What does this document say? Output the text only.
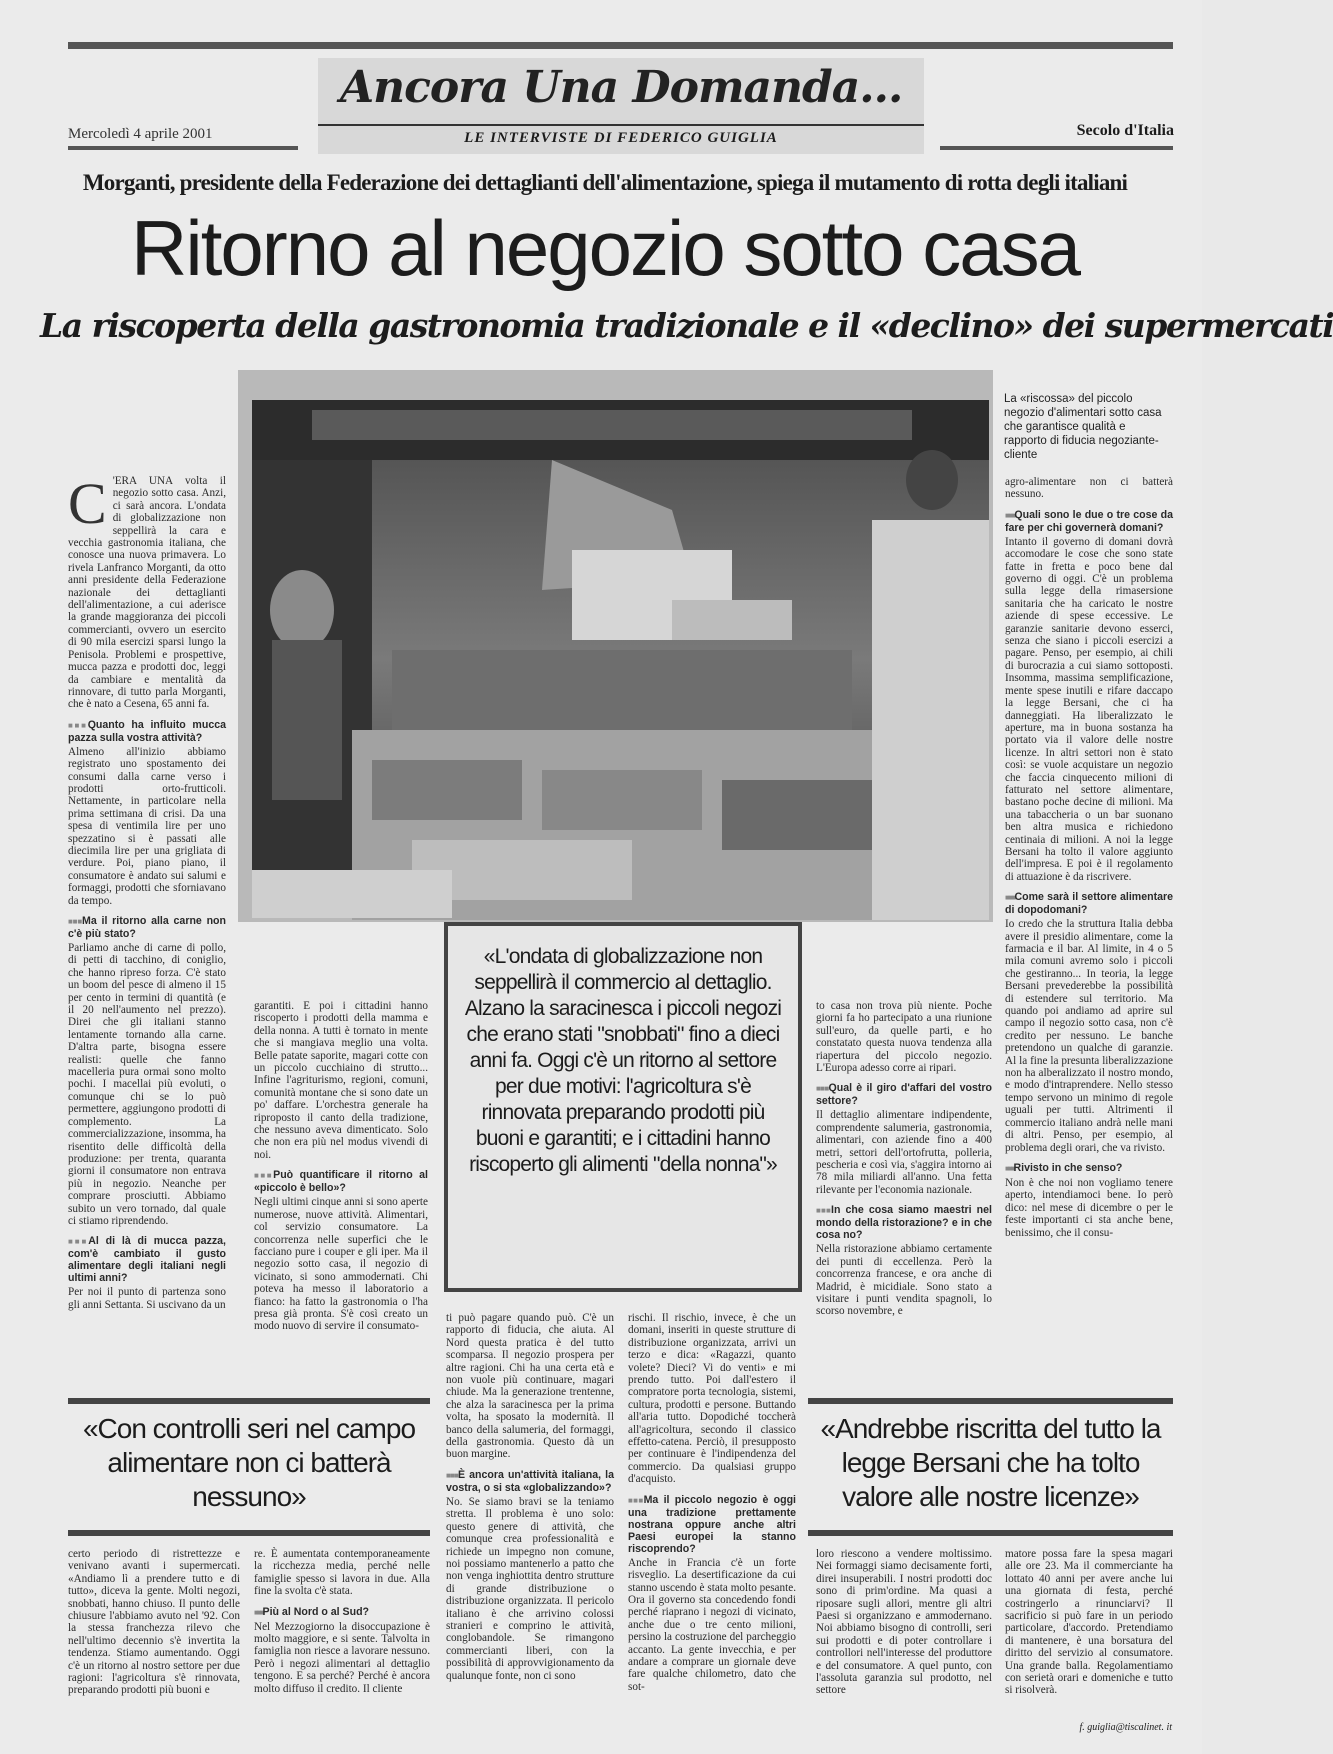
Ancora Una Domanda...
LE INTERVISTE DI FEDERICO GUIGLIA
Mercoledì 4 aprile 2001	Secolo d'Italia
Morganti, presidente della Federazione dei dettaglianti dell'alimentazione, spiega il mutamento di rotta degli italiani
Ritorno al negozio sotto casa
La riscoperta della gastronomia tradizionale e il «declino» dei supermercati
La «riscossa» del piccolo negozio d'alimentari sotto casa che garantisce qualità e rapporto di fiducia negoziante-cliente
C 'ERA UNA volta il negozio sotto casa. Anzi, ci sarà ancora. L'ondata di globalizzazione non seppellirà la cara e vecchia gastronomia italiana, che conosce una nuova primavera. Lo rivela Lanfranco Morganti, da otto anni presidente della Federazione nazionale dei dettaglianti dell'alimentazione, a cui aderisce la grande maggioranza dei piccoli commercianti, ovvero un esercito di 90 mila esercizi sparsi lungo la Penisola. Problemi e prospettive, mucca pazza e prodotti doc, leggi da cambiare e mentalità da rinnovare, di tutto parla Morganti, che è nato a Cesena, 65 anni fa.

■■■ Quanto ha influito mucca pazza sulla vostra attività?

Almeno all'inizio abbiamo registrato uno spostamento dei consumi dalla carne verso i prodotti orto-frutticoli. Nettamente, in particolare nella prima settimana di crisi. Da una spesa di ventimila lire per uno spezzatino si è passati alle diecimila lire per una grigliata di verdure. Poi, piano piano, il consumatore è andato sui salumi e formaggi, prodotti che sforniavano da tempo.

■■■ Ma il ritorno alla carne non c'è più stato?

Parliamo anche di carne di pollo, di petti di tacchino, di coniglio, che hanno ripreso forza. C'è stato un boom del pesce di almeno il 15 per cento in termini di quantità (e il 20 nell'aumento nel prezzo). Direi che gli italiani stanno lentamente tornando alla carne. D'altra parte, bisogna essere realisti: quelle che fanno macelleria pura ormai sono molto pochi. I macellai più evoluti, o comunque chi se lo può permettere, aggiungono prodotti di complemento. La commercializzazione, insomma, ha risentito delle difficoltà della produzione: per trenta, quaranta giorni il consumatore non entrava più in negozio. Neanche per comprare prosciutti. Abbiamo subito un vero tornado, dal quale ci stiamo riprendendo.

■■■ Al di là di mucca pazza, com'è cambiato il gusto alimentare degli italiani negli ultimi anni?

Per noi il punto di partenza sono gli anni Settanta. Si uscivano da un

garantiti. E poi i cittadini hanno riscoperto i prodotti della mamma e della nonna. A tutti è tornato in mente che si mangiava meglio una volta. Belle patate saporite, magari cotte con un piccolo cucchiaino di strutto... Infine l'agriturismo, regioni, comuni, comunità montane che si sono date un po' daffare. L'orchestra generale ha riproposto il canto della tradizione, che nessuno aveva dimenticato. Solo che non era più nel modus vivendi di noi.

■■■ Può quantificare il ritorno al «piccolo è bello»?

Negli ultimi cinque anni si sono aperte numerose, nuove attività. Alimentari, col servizio consumatore. La concorrenza nelle superfici che le facciano pure i couper e gli iper. Ma il negozio sotto casa, il negozio di vicinato, si sono ammodernati. Chi poteva ha messo il laboratorio a fianco: ha fatto la gastronomia o l'ha presa già pronta. S'è così creato un modo nuovo di servire il consumato-

«L'ondata di globalizzazione non seppellirà il commercio al dettaglio. Alzano la saracinesca i piccoli negozi che erano stati "snobbati" fino a dieci anni fa. Oggi c'è un ritorno al settore per due motivi: l'agricoltura s'è rinnovata preparando prodotti più buoni e garantiti; e i cittadini hanno riscoperto gli alimenti "della nonna"»

ti può pagare quando può. C'è un rapporto di fiducia, che aiuta. Al Nord questa pratica è del tutto scomparsa. Il negozio prospera per altre ragioni. Chi ha una certa età e non vuole più continuare, magari chiude. Ma la generazione trentenne, che alza la saracinesca per la prima volta, ha sposato la modernità. Il banco della salumeria, del formaggi, della gastronomia. Questo dà un buon margine.

■■■ È ancora un'attività italiana, la vostra, o si sta «globalizzando»?

No. Se siamo bravi se la teniamo stretta. Il problema è uno solo: questo genere di attività, che comunque crea professionalità e richiede un impegno non comune, noi possiamo mantenerlo a patto che non venga inghiottita dentro strutture di grande distribuzione o distribuzione organizzata. Il pericolo italiano è che arrivino colossi stranieri e comprino le attività, conglobandole. Se rimangono commercianti liberi, con la possibilità di approvvigionamento da qualunque fonte, non ci sono

rischi. Il rischio, invece, è che un domani, inseriti in queste strutture di distribuzione organizzata, arrivi un terzo e dica: «Ragazzi, quanto volete? Dieci? Vi do venti» e mi prendo tutto. Poi dall'estero il compratore porta tecnologia, sistemi, cultura, prodotti e persone. Buttando all'aria tutto. Dopodiché toccherà all'agricoltura, secondo il classico effetto-catena. Perciò, il presupposto per continuare è l'indipendenza del commercio. Da qualsiasi gruppo d'acquisto.

■■■ Ma il piccolo negozio è oggi una tradizione prettamente nostrana oppure anche altri Paesi europei la stanno riscoprendo?

Anche in Francia c'è un forte risveglio. La desertificazione da cui stanno uscendo è stata molto pesante. Ora il governo sta concedendo fondi perché riaprano i negozi di vicinato, anche due o tre cento milioni, persino la costruzione del parcheggio accanto. La gente invecchia, e per andare a comprare un giornale deve fare qualche chilometro, dato che sot-

to casa non trova più niente. Poche giorni fa ho partecipato a una riunione sull'euro, da quelle parti, e ho constatato questa nuova tendenza alla riapertura del piccolo negozio. L'Europa adesso corre ai ripari.

■■■ Qual è il giro d'affari del vostro settore?

Il dettaglio alimentare indipendente, comprendente salumeria, gastronomia, alimentari, con aziende fino a 400 metri, settori dell'ortofrutta, polleria, pescheria e così via, s'aggira intorno ai 78 mila miliardi all'anno. Una fetta rilevante per l'economia nazionale.

■■■ In che cosa siamo maestri nel mondo della ristorazione? e in che cosa no?

Nella ristorazione abbiamo certamente dei punti di eccellenza. Però la concorrenza francese, e ora anche di Madrid, è micidiale. Sono stato a visitare i punti vendita spagnoli, lo scorso novembre, e

agro-alimentare non ci batterà nessuno.

■■■ Quali sono le due o tre cose da fare per chi governerà domani?

Intanto il governo di domani dovrà accomodare le cose che sono state fatte in fretta e poco bene dal governo di oggi. C'è un problema sulla legge della rimasersione sanitaria che ha caricato le nostre aziende di spese eccessive. Le garanzie sanitarie devono esserci, senza che siano i piccoli esercizi a pagare. Penso, per esempio, ai chili di burocrazia a cui siamo sottoposti. Insomma, massima semplificazione, mente spese inutili e rifare daccapo la legge Bersani, che ci ha danneggiati. Ha liberalizzato le aperture, ma in buona sostanza ha portato via il valore delle nostre licenze. In altri settori non è stato così: se vuole acquistare un negozio che faccia cinquecento milioni di fatturato nel settore alimentare, bastano poche decine di milioni. Ma una tabaccheria o un bar suonano ben altra musica e richiedono centinaia di milioni. A noi la legge Bersani ha tolto il valore aggiunto dell'impresa. E poi è il regolamento di attuazione è da riscrivere.

■■■ Come sarà il settore alimentare di dopodomani?

Io credo che la struttura Italia debba avere il presidio alimentare, come la farmacia e il bar. Al limite, in 4 o 5 mila comuni avremo solo i piccoli che gestiranno... In teoria, la legge Bersani prevederebbe la possibilità di estendere sul territorio. Ma quando poi andiamo ad aprire sul campo il negozio sotto casa, non c'è credito per nessuno. Le banche pretendono un qualche di garanzie. Al la fine la presunta liberalizzazione non ha alberalizzato il nostro mondo, e modo d'intraprendere. Nello stesso tempo servono un minimo di regole uguali per tutti. Altrimenti il commercio italiano andrà nelle mani di altri. Penso, per esempio, al problema degli orari, che va rivisto.

■■■ Rivisto in che senso?

Non è che noi non vogliamo tenere aperto, intendiamoci bene. Io però dico: nel mese di dicembre o per le feste importanti ci sta anche bene, benissimo, che il consu-

«Con controlli seri nel campo alimentare non ci batterà nessuno»
«Andrebbe riscritta del tutto la legge Bersani che ha tolto valore alle nostre licenze»

certo periodo di ristrettezze e venivano avanti i supermercati. «Andiamo lì a prendere tutto e di tutto», diceva la gente. Molti negozi, snobbati, hanno chiuso. Il punto delle chiusure l'abbiamo avuto nel '92. Con la stessa franchezza rilevo che nell'ultimo decennio s'è invertita la tendenza. Stiamo aumentando. Oggi c'è un ritorno al nostro settore per due ragioni: l'agricoltura s'è rinnovata, preparando prodotti più buoni e

re. È aumentata contemporaneamente la ricchezza media, perché nelle famiglie spesso si lavora in due. Alla fine la svolta c'è stata.

■■■ Più al Nord o al Sud?

Nel Mezzogiorno la disoccupazione è molto maggiore, e si sente. Talvolta in famiglia non riesce a lavorare nessuno. Però i negozi alimentari al dettaglio tengono. E sa perché? Perché è ancora molto diffuso il credito. Il cliente

loro riescono a vendere moltissimo. Nei formaggi siamo decisamente forti, direi insuperabili. I nostri prodotti doc sono di prim'ordine. Ma quasi a riposare sugli allori, mentre gli altri Paesi si organizzano e ammodernano. Noi abbiamo bisogno di controlli, seri sui prodotti e di poter controllare i controllori nell'interesse del produttore e del consumatore. A quel punto, con l'assoluta garanzia sul prodotto, nel settore

matore possa fare la spesa magari alle ore 23. Ma il commerciante ha lottato 40 anni per avere anche lui una giornata di festa, perché costringerlo a rinunciarvi? Il sacrificio si può fare in un periodo particolare, d'accordo. Pretendiamo di mantenere, è una borsatura del diritto del servizio al consumatore. Una grande balla. Regolamentiamo con serietà orari e domeniche e tutto si risolverà.

f. guiglia@tiscalinet. it
